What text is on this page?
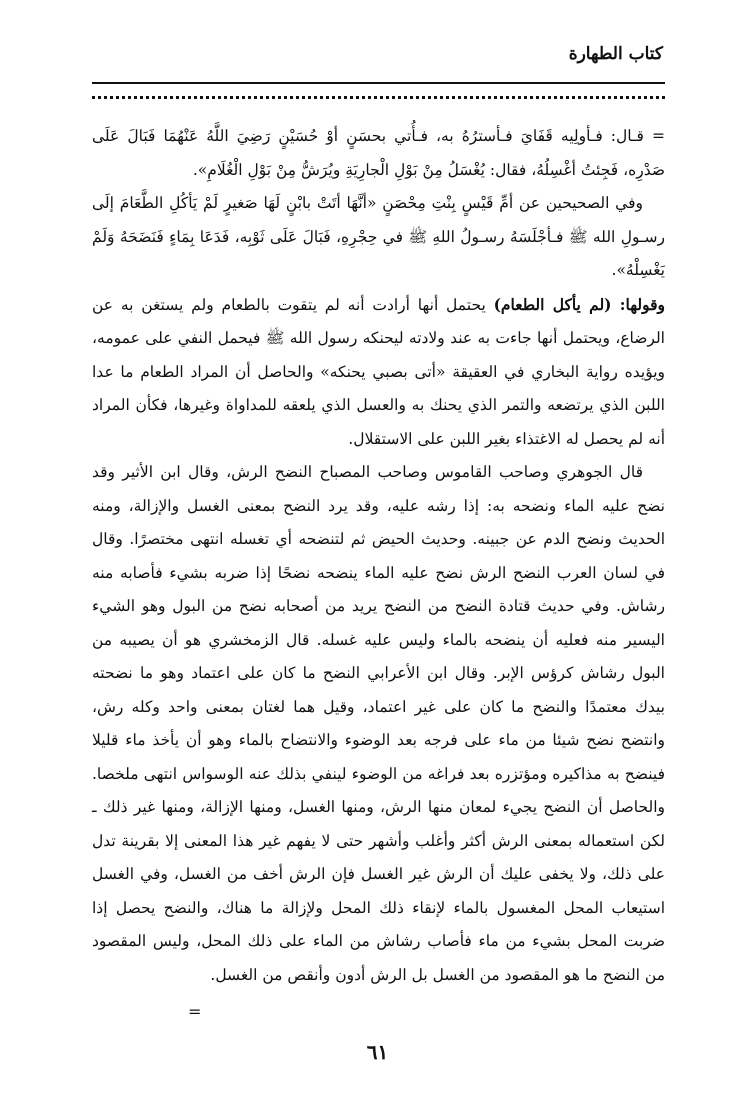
كتاب الطهارة

= قـال: فـأولِيه قَفَايَ فـأسترُهُ به، فـأُتي بحسَنٍ أوْ حُسَيْنٍ رَضِيَ اللَّهُ عَنْهُمَا فَبَالَ عَلَى صَدْرِه، فَجِئتُ أغْسِلُهُ، فقال: يُغْسَلُ مِنْ بَوْلِ الْجارِيَةِ ويُرَشُّ مِنْ بَوْلِ الْغُلَامِ».

وفي الصحيحين عن أمِّ قَيْسٍ بِنْتِ مِحْصَنٍ «أنَّهَا أتَتْ بابْنٍ لَهَا صَغيرٍ لَمْ يَأكُلِ الطَّعَامَ إلَى رسـولِ الله ﷺ فـأجْلَسَهُ رسـولُ اللهِ ﷺ في حِجْرِهِ، فَبَالَ عَلَى ثَوْبِه، فَدَعَا بِمَاءٍ فَنَضَحَهُ وَلَمْ يَغْسِلْهُ».

وقولها: (لم يأكل الطعام) يحتمل أنها أرادت أنه لم يتقوت بالطعام ولم يستغن به عن الرضاع، ويحتمل أنها جاءت به عند ولادته ليحنكه رسول الله ﷺ فيحمل النفي على عمومه، ويؤيده رواية البخاري في العقيقة «أتى بصبي يحنكه» والحاصل أن المراد الطعام ما عدا اللبن الذي يرتضعه والتمر الذي يحنك به والعسل الذي يلعقه للمداواة وغيرها، فكأن المراد أنه لم يحصل له الاغتذاء بغير اللبن على الاستقلال.

قال الجوهري وصاحب القاموس وصاحب المصباح النضح الرش، وقال ابن الأثير وقد نضح عليه الماء ونضحه به: إذا رشه عليه، وقد يرد النضح بمعنى الغسل والإزالة، ومنه الحديث ونضح الدم عن جبينه. وحديث الحيض ثم لتنضحه أي تغسله انتهى مختصرًا. وقال في لسان العرب النضح الرش نضح عليه الماء ينضحه نضحًا إذا ضربه بشيء فأصابه منه رشاش. وفي حديث قتادة النضح من النضح يريد من أصحابه نضح من البول وهو الشيء اليسير منه فعليه أن ينضحه بالماء وليس عليه غسله. قال الزمخشري هو أن يصيبه من البول رشاش كرؤس الإبر. وقال ابن الأعرابي النضح ما كان على اعتماد وهو ما نضحته بيدك معتمدًا والنضح ما كان على غير اعتماد، وقيل هما لغتان بمعنى واحد وكله رش، وانتضح نضح شيئا من ماء على فرجه بعد الوضوء والانتضاح بالماء وهو أن يأخذ ماء قليلا فينضح به مذاكيره ومؤتزره بعد فراغه من الوضوء لينفي بذلك عنه الوسواس انتهى ملخصا. والحاصل أن النضح يجيء لمعان منها الرش، ومنها الغسل، ومنها الإزالة، ومنها غير ذلك ـ لكن استعماله بمعنى الرش أكثر وأغلب وأشهر حتى لا يفهم غير هذا المعنى إلا بقرينة تدل على ذلك، ولا يخفى عليك أن الرش غير الغسل فإن الرش أخف من الغسل، وفي الغسل استيعاب المحل المغسول بالماء لإنقاء ذلك المحل ولإزالة ما هناك، والنضح يحصل إذا ضربت المحل بشيء من ماء فأصاب رشاش من الماء على ذلك المحل، وليس المقصود من النضح ما هو المقصود من الغسل بل الرش أدون وأنقص من الغسل.

=
٦١
